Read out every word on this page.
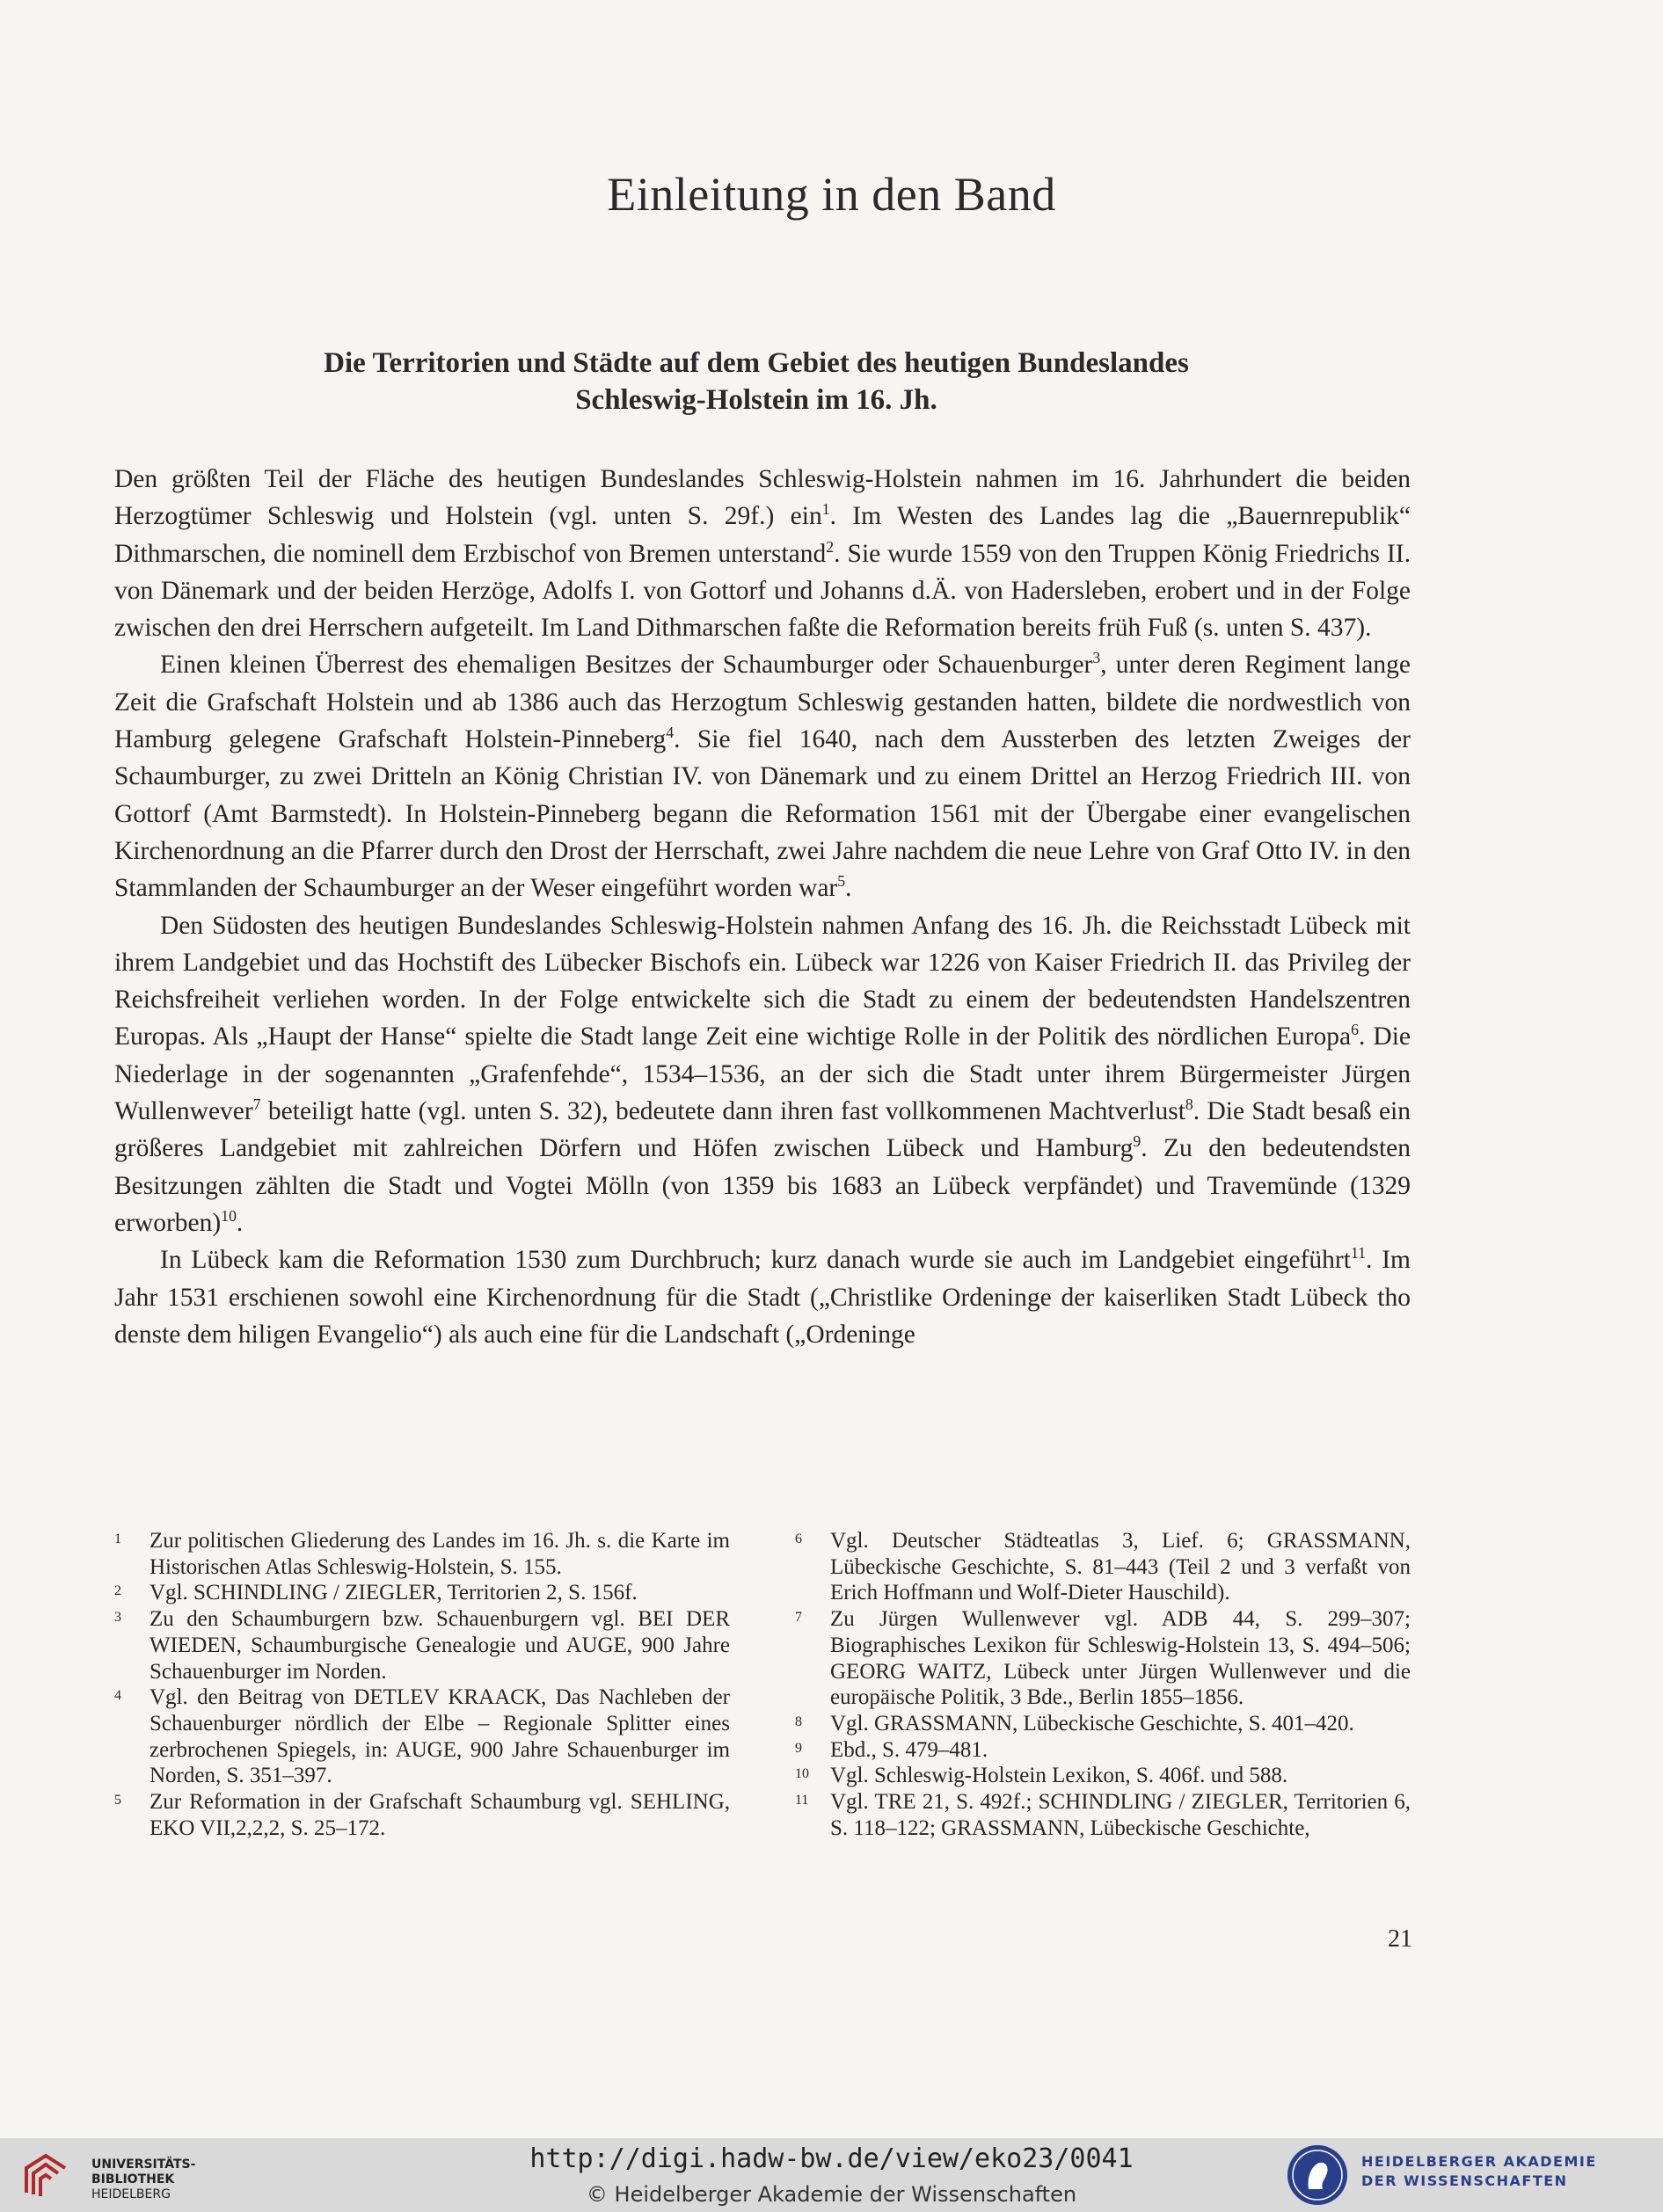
Einleitung in den Band
Die Territorien und Städte auf dem Gebiet des heutigen Bundeslandes
Schleswig-Holstein im 16. Jh.

Den größten Teil der Fläche des heutigen Bundeslandes Schleswig-Holstein nahmen im 16. Jahrhundert die beiden Herzogtümer Schleswig und Holstein (vgl. unten S. 29f.) ein$^1$. Im Westen des Landes lag die „Bauernrepublik“ Dithmarschen, die nominell dem Erzbischof von Bremen unterstand$^2$. Sie wurde 1559 von den Truppen König Friedrichs II. von Dänemark und der beiden Herzöge, Adolfs I. von Gottorf und Johanns d.Ä. von Hadersleben, erobert und in der Folge zwischen den drei Herrschern aufgeteilt. Im Land Dithmarschen faßte die Reformation bereits früh Fuß (s. unten S. 437).

Einen kleinen Überrest des ehemaligen Besitzes der Schaumburger oder Schauenburger$^3$, unter deren Regiment lange Zeit die Grafschaft Holstein und ab 1386 auch das Herzogtum Schleswig gestanden hatten, bildete die nordwestlich von Hamburg gelegene Grafschaft Holstein-Pinneberg$^4$. Sie fiel 1640, nach dem Aussterben des letzten Zweiges der Schaumburger, zu zwei Dritteln an König Christian IV. von Dänemark und zu einem Drittel an Herzog Friedrich III. von Gottorf (Amt Barmstedt). In Holstein-Pinneberg begann die Reformation 1561 mit der Übergabe einer evangelischen Kirchenordnung an die Pfarrer durch den Drost der Herrschaft, zwei Jahre nachdem die neue Lehre von Graf Otto IV. in den Stammlanden der Schaumburger an der Weser eingeführt worden war$^5$.

Den Südosten des heutigen Bundeslandes Schleswig-Holstein nahmen Anfang des 16. Jh. die Reichsstadt Lübeck mit ihrem Landgebiet und das Hochstift des Lübecker Bischofs ein. Lübeck war 1226 von Kaiser Friedrich II. das Privileg der Reichsfreiheit verliehen worden. In der Folge entwickelte sich die Stadt zu einem der bedeutendsten Handelszentren Europas. Als „Haupt der Hanse“ spielte die Stadt lange Zeit eine wichtige Rolle in der Politik des nördlichen Europa$^6$. Die Niederlage in der sogenannten „Grafenfehde“, 1534–1536, an der sich die Stadt unter ihrem Bürgermeister Jürgen Wullenwever$^7$ beteiligt hatte (vgl. unten S. 32), bedeutete dann ihren fast vollkommenen Machtverlust$^8$. Die Stadt besaß ein größeres Landgebiet mit zahlreichen Dörfern und Höfen zwischen Lübeck und Hamburg$^9$. Zu den bedeutendsten Besitzungen zählten die Stadt und Vogtei Mölln (von 1359 bis 1683 an Lübeck verpfändet) und Travemünde (1329 erworben)$^{10}$.

In Lübeck kam die Reformation 1530 zum Durchbruch; kurz danach wurde sie auch im Landgebiet eingeführt$^{11}$. Im Jahr 1531 erschienen sowohl eine Kirchenordnung für die Stadt („Christlike Ordeninge der kaiserliken Stadt Lübeck tho denste dem hiligen Evangelio“) als auch eine für die Landschaft („Ordeninge

1	Zur politischen Gliederung des Landes im 16. Jh. s. die Karte im Historischen Atlas Schleswig-Holstein, S. 155.
2	Vgl. SCHINDLING / ZIEGLER, Territorien 2, S. 156f.
3	Zu den Schaumburgern bzw. Schauenburgern vgl. BEI DER WIEDEN, Schaumburgische Genealogie und AUGE, 900 Jahre Schauenburger im Norden.
4	Vgl. den Beitrag von DETLEV KRAACK, Das Nachleben der Schauenburger nördlich der Elbe – Regionale Splitter eines zerbrochenen Spiegels, in: AUGE, 900 Jahre Schauenburger im Norden, S. 351–397.
5	Zur Reformation in der Grafschaft Schaumburg vgl. SEHLING, EKO VII,2,2,2, S. 25–172.
6	Vgl. Deutscher Städteatlas 3, Lief. 6; GRASSMANN, Lübeckische Geschichte, S. 81–443 (Teil 2 und 3 verfaßt von Erich Hoffmann und Wolf-Dieter Hauschild).
7	Zu Jürgen Wullenwever vgl. ADB 44, S. 299–307; Biographisches Lexikon für Schleswig-Holstein 13, S. 494–506; GEORG WAITZ, Lübeck unter Jürgen Wullenwever und die europäische Politik, 3 Bde., Berlin 1855–1856.
8	Vgl. GRASSMANN, Lübeckische Geschichte, S. 401–420.
9	Ebd., S. 479–481.
10 Vgl. Schleswig-Holstein Lexikon, S. 406f. und 588.
11 Vgl. TRE 21, S. 492f.; SCHINDLING / ZIEGLER, Territorien 6, S. 118–122; GRASSMANN, Lübeckische Geschichte,
21
UNIVERSITÄTS-
BIBLIOTHEK
HEIDELBERG
http://digi.hadw-bw.de/view/eko23/0041
© Heidelberger Akademie der Wissenschaften
HEIDELBERGER AKADEMIE
DER WISSENSCHAFTEN
